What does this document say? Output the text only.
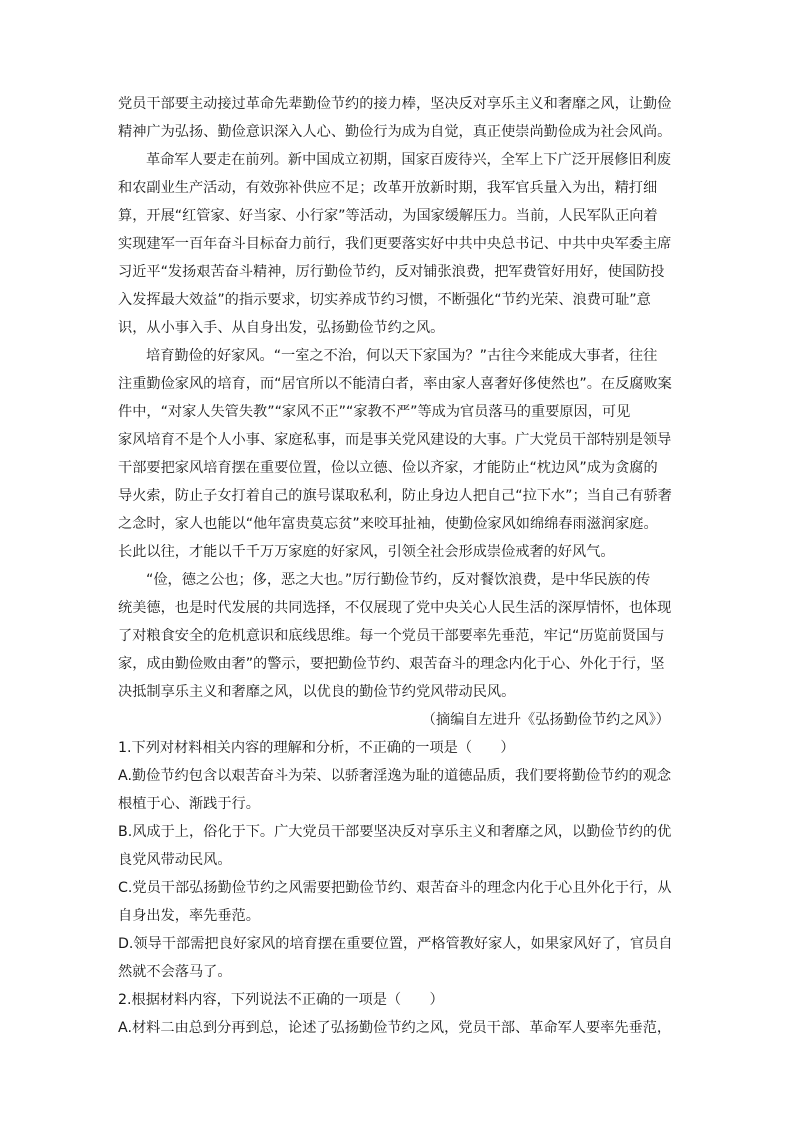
党员干部要主动接过革命先辈勤俭节约的接力棒，坚决反对享乐主义和奢靡之风，让勤俭
精神广为弘扬、勤俭意识深入人心、勤俭行为成为自觉，真正使崇尚勤俭成为社会风尚。
革命军人要走在前列。新中国成立初期，国家百废待兴，全军上下广泛开展修旧利废
和农副业生产活动，有效弥补供应不足；改革开放新时期，我军官兵量入为出，精打细
算，开展“红管家、好当家、小行家”等活动，为国家缓解压力。当前，人民军队正向着
实现建军一百年奋斗目标奋力前行，我们更要落实好中共中央总书记、中共中央军委主席
习近平“发扬艰苦奋斗精神，厉行勤俭节约，反对铺张浪费，把军费管好用好，使国防投
入发挥最大效益”的指示要求，切实养成节约习惯，不断强化“节约光荣、浪费可耻”意
识，从小事入手、从自身出发，弘扬勤俭节约之风。
培育勤俭的好家风。“一室之不治，何以天下家国为？”古往今来能成大事者，往往
注重勤俭家风的培育，而“居官所以不能清白者，率由家人喜奢好侈使然也”。在反腐败案
件中，“对家人失管失教”“家风不正”“家教不严”等成为官员落马的重要原因，可见
家风培育不是个人小事、家庭私事，而是事关党风建设的大事。广大党员干部特别是领导
干部要把家风培育摆在重要位置，俭以立德、俭以齐家，才能防止“枕边风”成为贪腐的
导火索，防止子女打着自己的旗号谋取私利，防止身边人把自己“拉下水”；当自己有骄奢
之念时，家人也能以“他年富贵莫忘贫”来咬耳扯袖，使勤俭家风如绵绵春雨滋润家庭。
长此以往，才能以千千万万家庭的好家风，引领全社会形成崇俭戒奢的好风气。
“俭，德之公也；侈，恶之大也。”厉行勤俭节约，反对餐饮浪费，是中华民族的传
统美德，也是时代发展的共同选择，不仅展现了党中央关心人民生活的深厚情怀，也体现
了对粮食安全的危机意识和底线思维。每一个党员干部要率先垂范，牢记“历览前贤国与
家，成由勤俭败由奢”的警示，要把勤俭节约、艰苦奋斗的理念内化于心、外化于行，坚
决抵制享乐主义和奢靡之风，以优良的勤俭节约党风带动民风。
（摘编自左进升《弘扬勤俭节约之风》）
1.下列对材料相关内容的理解和分析，不正确的一项是（　　）
A.勤俭节约包含以艰苦奋斗为荣、以骄奢淫逸为耻的道德品质，我们要将勤俭节约的观念
根植于心、渐践于行。
B.风成于上，俗化于下。广大党员干部要坚决反对享乐主义和奢靡之风，以勤俭节约的优
良党风带动民风。
C.党员干部弘扬勤俭节约之风需要把勤俭节约、艰苦奋斗的理念内化于心且外化于行，从
自身出发，率先垂范。
D.领导干部需把良好家风的培育摆在重要位置，严格管教好家人，如果家风好了，官员自
然就不会落马了。
2.根据材料内容，下列说法不正确的一项是（　　）
A.材料二由总到分再到总，论述了弘扬勤俭节约之风，党员干部、革命军人要率先垂范，
